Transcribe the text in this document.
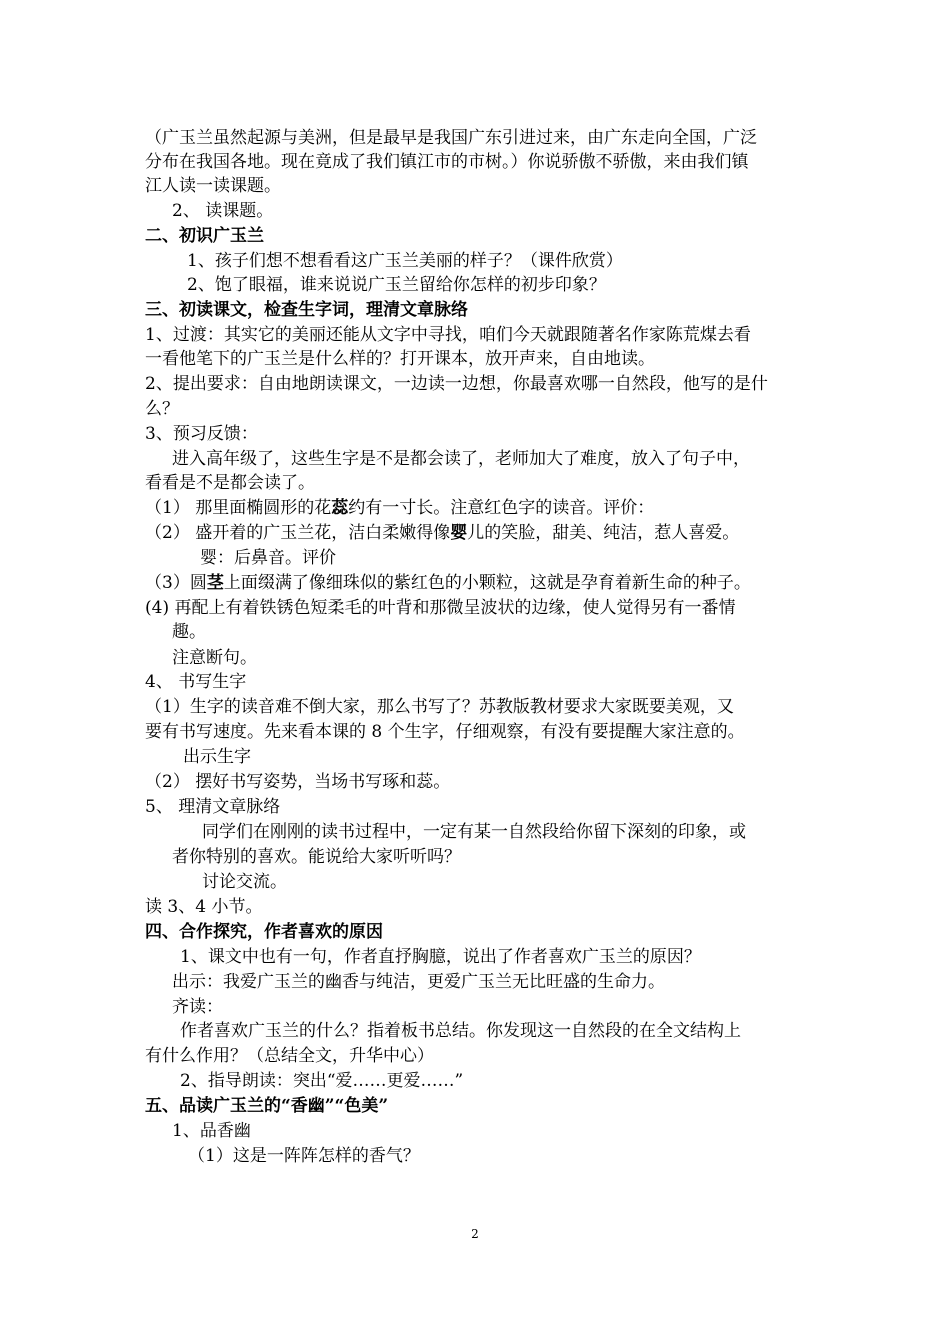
（广玉兰虽然起源与美洲，但是最早是我国广东引进过来，由广东走向全国，广泛
分布在我国各地。现在竟成了我们镇江市的市树。）你说骄傲不骄傲，来由我们镇
江人读一读课题。
2、 读课题。
二、初识广玉兰
1、孩子们想不想看看这广玉兰美丽的样子？（课件欣赏）
2、饱了眼福，谁来说说广玉兰留给你怎样的初步印象？
三、初读课文，检查生字词，理清文章脉络
1、过渡：其实它的美丽还能从文字中寻找，咱们今天就跟随著名作家陈荒煤去看
一看他笔下的广玉兰是什么样的？打开课本，放开声来，自由地读。
2、提出要求：自由地朗读课文，一边读一边想，你最喜欢哪一自然段，他写的是什
么？
3、预习反馈：
进入高年级了，这些生字是不是都会读了，老师加大了难度，放入了句子中，
看看是不是都会读了。
（1） 那里面椭圆形的花蕊约有一寸长。注意红色字的读音。评价：
（2） 盛开着的广玉兰花，洁白柔嫩得像婴儿的笑脸，甜美、纯洁，惹人喜爱。
婴：后鼻音。评价
（3）圆茎上面缀满了像细珠似的紫红色的小颗粒，这就是孕育着新生命的种子。
(4) 再配上有着铁锈色短柔毛的叶背和那微呈波状的边缘，使人觉得另有一番情
趣。
注意断句。
4、 书写生字
（1）生字的读音难不倒大家，那么书写了？苏教版教材要求大家既要美观，又
要有书写速度。先来看本课的 8 个生字，仔细观察，有没有要提醒大家注意的。
出示生字
（2） 摆好书写姿势，当场书写琢和蕊。
5、 理清文章脉络
同学们在刚刚的读书过程中，一定有某一自然段给你留下深刻的印象，或
者你特别的喜欢。能说给大家听听吗？
讨论交流。
读 3、4 小节。
四、合作探究，作者喜欢的原因
1、课文中也有一句，作者直抒胸臆，说出了作者喜欢广玉兰的原因？
出示：我爱广玉兰的幽香与纯洁，更爱广玉兰无比旺盛的生命力。
齐读：
作者喜欢广玉兰的什么？指着板书总结。你发现这一自然段的在全文结构上
有什么作用？（总结全文，升华中心）
2、指导朗读：突出“爱……更爱……”
五、品读广玉兰的“香幽”“色美”
1、品香幽
（1）这是一阵阵怎样的香气？
2
